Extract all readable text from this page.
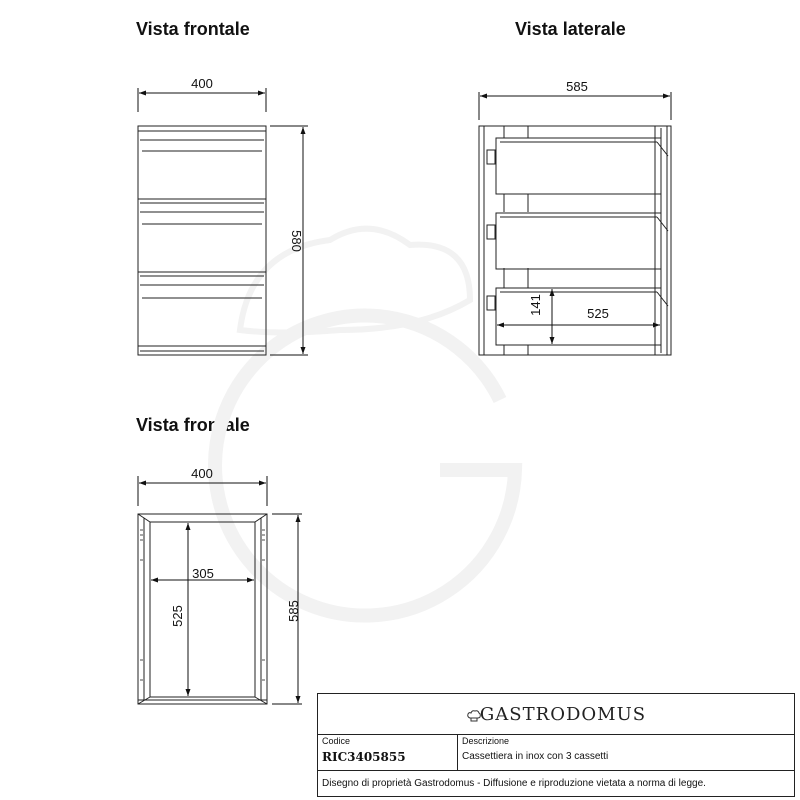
Vista frontale	Vista laterale
Vista frontale
400
580
585
141	525
400
585
305
525
GASTRODOMUS
Codice
RIC3405855
Descrizione
Cassettiera in inox con 3 cassetti
Disegno di proprietà Gastrodomus - Diffusione e riproduzione vietata a norma di legge.
